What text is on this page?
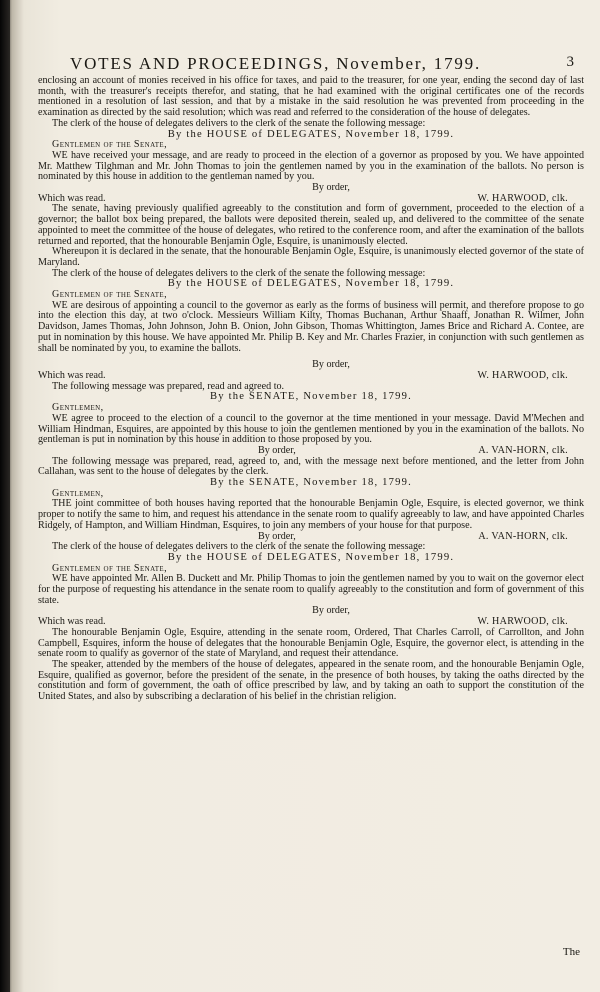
VOTES AND PROCEEDINGS, November, 1799.	3

enclosing an account of monies received in his office for taxes, and paid to the treasurer, for one year, ending the second day of last month, with the treasurer's receipts therefor, and stating, that he had examined with the original certificates one of the records mentioned in a resolution of last session, and that by a mistake in the said resolution he was prevented from proceeding in the examination as directed by the said resolution; which was read and referred to the consideration of the house of delegates.

The clerk of the house of delegates delivers to the clerk of the senate the following message:

By the HOUSE of DELEGATES, November 18, 1799.

Gentlemen of the Senate,

WE have received your message, and are ready to proceed in the election of a governor as proposed by you. We have appointed Mr. Matthew Tilghman and Mr. John Thomas to join the gentlemen named by you in the examination of the ballots. No person is nominated by this house in addition to the gentleman named by you.

By order,

Which was read.	W. HARWOOD, clk.

The senate, having previously qualified agreeably to the constitution and form of government, proceeded to the election of a governor; the ballot box being prepared, the ballots were deposited therein, sealed up, and delivered to the committee of the senate appointed to meet the committee of the house of delegates, who retired to the conference room, and after the examination of the ballots returned and reported, that the honourable Benjamin Ogle, Esquire, is unanimously elected.

Whereupon it is declared in the senate, that the honourable Benjamin Ogle, Esquire, is unanimously elected governor of the state of Maryland.

The clerk of the house of delegates delivers to the clerk of the senate the following message:

By the HOUSE of DELEGATES, November 18, 1799.

Gentlemen of the Senate,

WE are desirous of appointing a council to the governor as early as the forms of business will permit, and therefore propose to go into the election this day, at two o'clock. Messieurs William Kilty, Thomas Buchanan, Arthur Shaaff, Jonathan R. Wilmer, John Davidson, James Thomas, John Johnson, John B. Onion, John Gibson, Thomas Whittington, James Brice and Richard A. Contee, are put in nomination by this house. We have appointed Mr. Philip B. Key and Mr. Charles Frazier, in conjunction with such gentlemen as shall be nominated by you, to examine the ballots.

By order,

Which was read.	W. HARWOOD, clk.

The following message was prepared, read and agreed to.

By the SENATE, November 18, 1799.

Gentlemen,

WE agree to proceed to the election of a council to the governor at the time mentioned in your message. David M'Mechen and William Hindman, Esquires, are appointed by this house to join the gentlemen mentioned by you in the examination of the ballots. No gentleman is put in nomination by this house in addition to those proposed by you.

By order,	A. VAN-HORN, clk.

The following message was prepared, read, agreed to, and, with the message next before mentioned, and the letter from John Callahan, was sent to the house of delegates by the clerk.

By the SENATE, November 18, 1799.

Gentlemen,

THE joint committee of both houses having reported that the honourable Benjamin Ogle, Esquire, is elected governor, we think proper to notify the same to him, and request his attendance in the senate room to qualify agreeably to law, and have appointed Charles Ridgely, of Hampton, and William Hindman, Esquires, to join any members of your house for that purpose.

By order,	A. VAN-HORN, clk.

The clerk of the house of delegates delivers to the clerk of the senate the following message:

By the HOUSE of DELEGATES, November 18, 1799.

Gentlemen of the Senate,

WE have appointed Mr. Allen B. Duckett and Mr. Philip Thomas to join the gentlemen named by you to wait on the governor elect for the purpose of requesting his attendance in the senate room to qualify agreeably to the constitution and form of government of this state.

By order,

Which was read.	W. HARWOOD, clk.

The honourable Benjamin Ogle, Esquire, attending in the senate room, Ordered, That Charles Carroll, of Carrollton, and John Campbell, Esquires, inform the house of delegates that the honourable Benjamin Ogle, Esquire, the governor elect, is attending in the senate room to qualify as governor of the state of Maryland, and request their attendance.

The speaker, attended by the members of the house of delegates, appeared in the senate room, and the honourable Benjamin Ogle, Esquire, qualified as governor, before the president of the senate, in the presence of both houses, by taking the oaths directed by the constitution and form of government, the oath of office prescribed by law, and by taking an oath to support the constitution of the United States, and also by subscribing a declaration of his belief in the christian religion.

The
